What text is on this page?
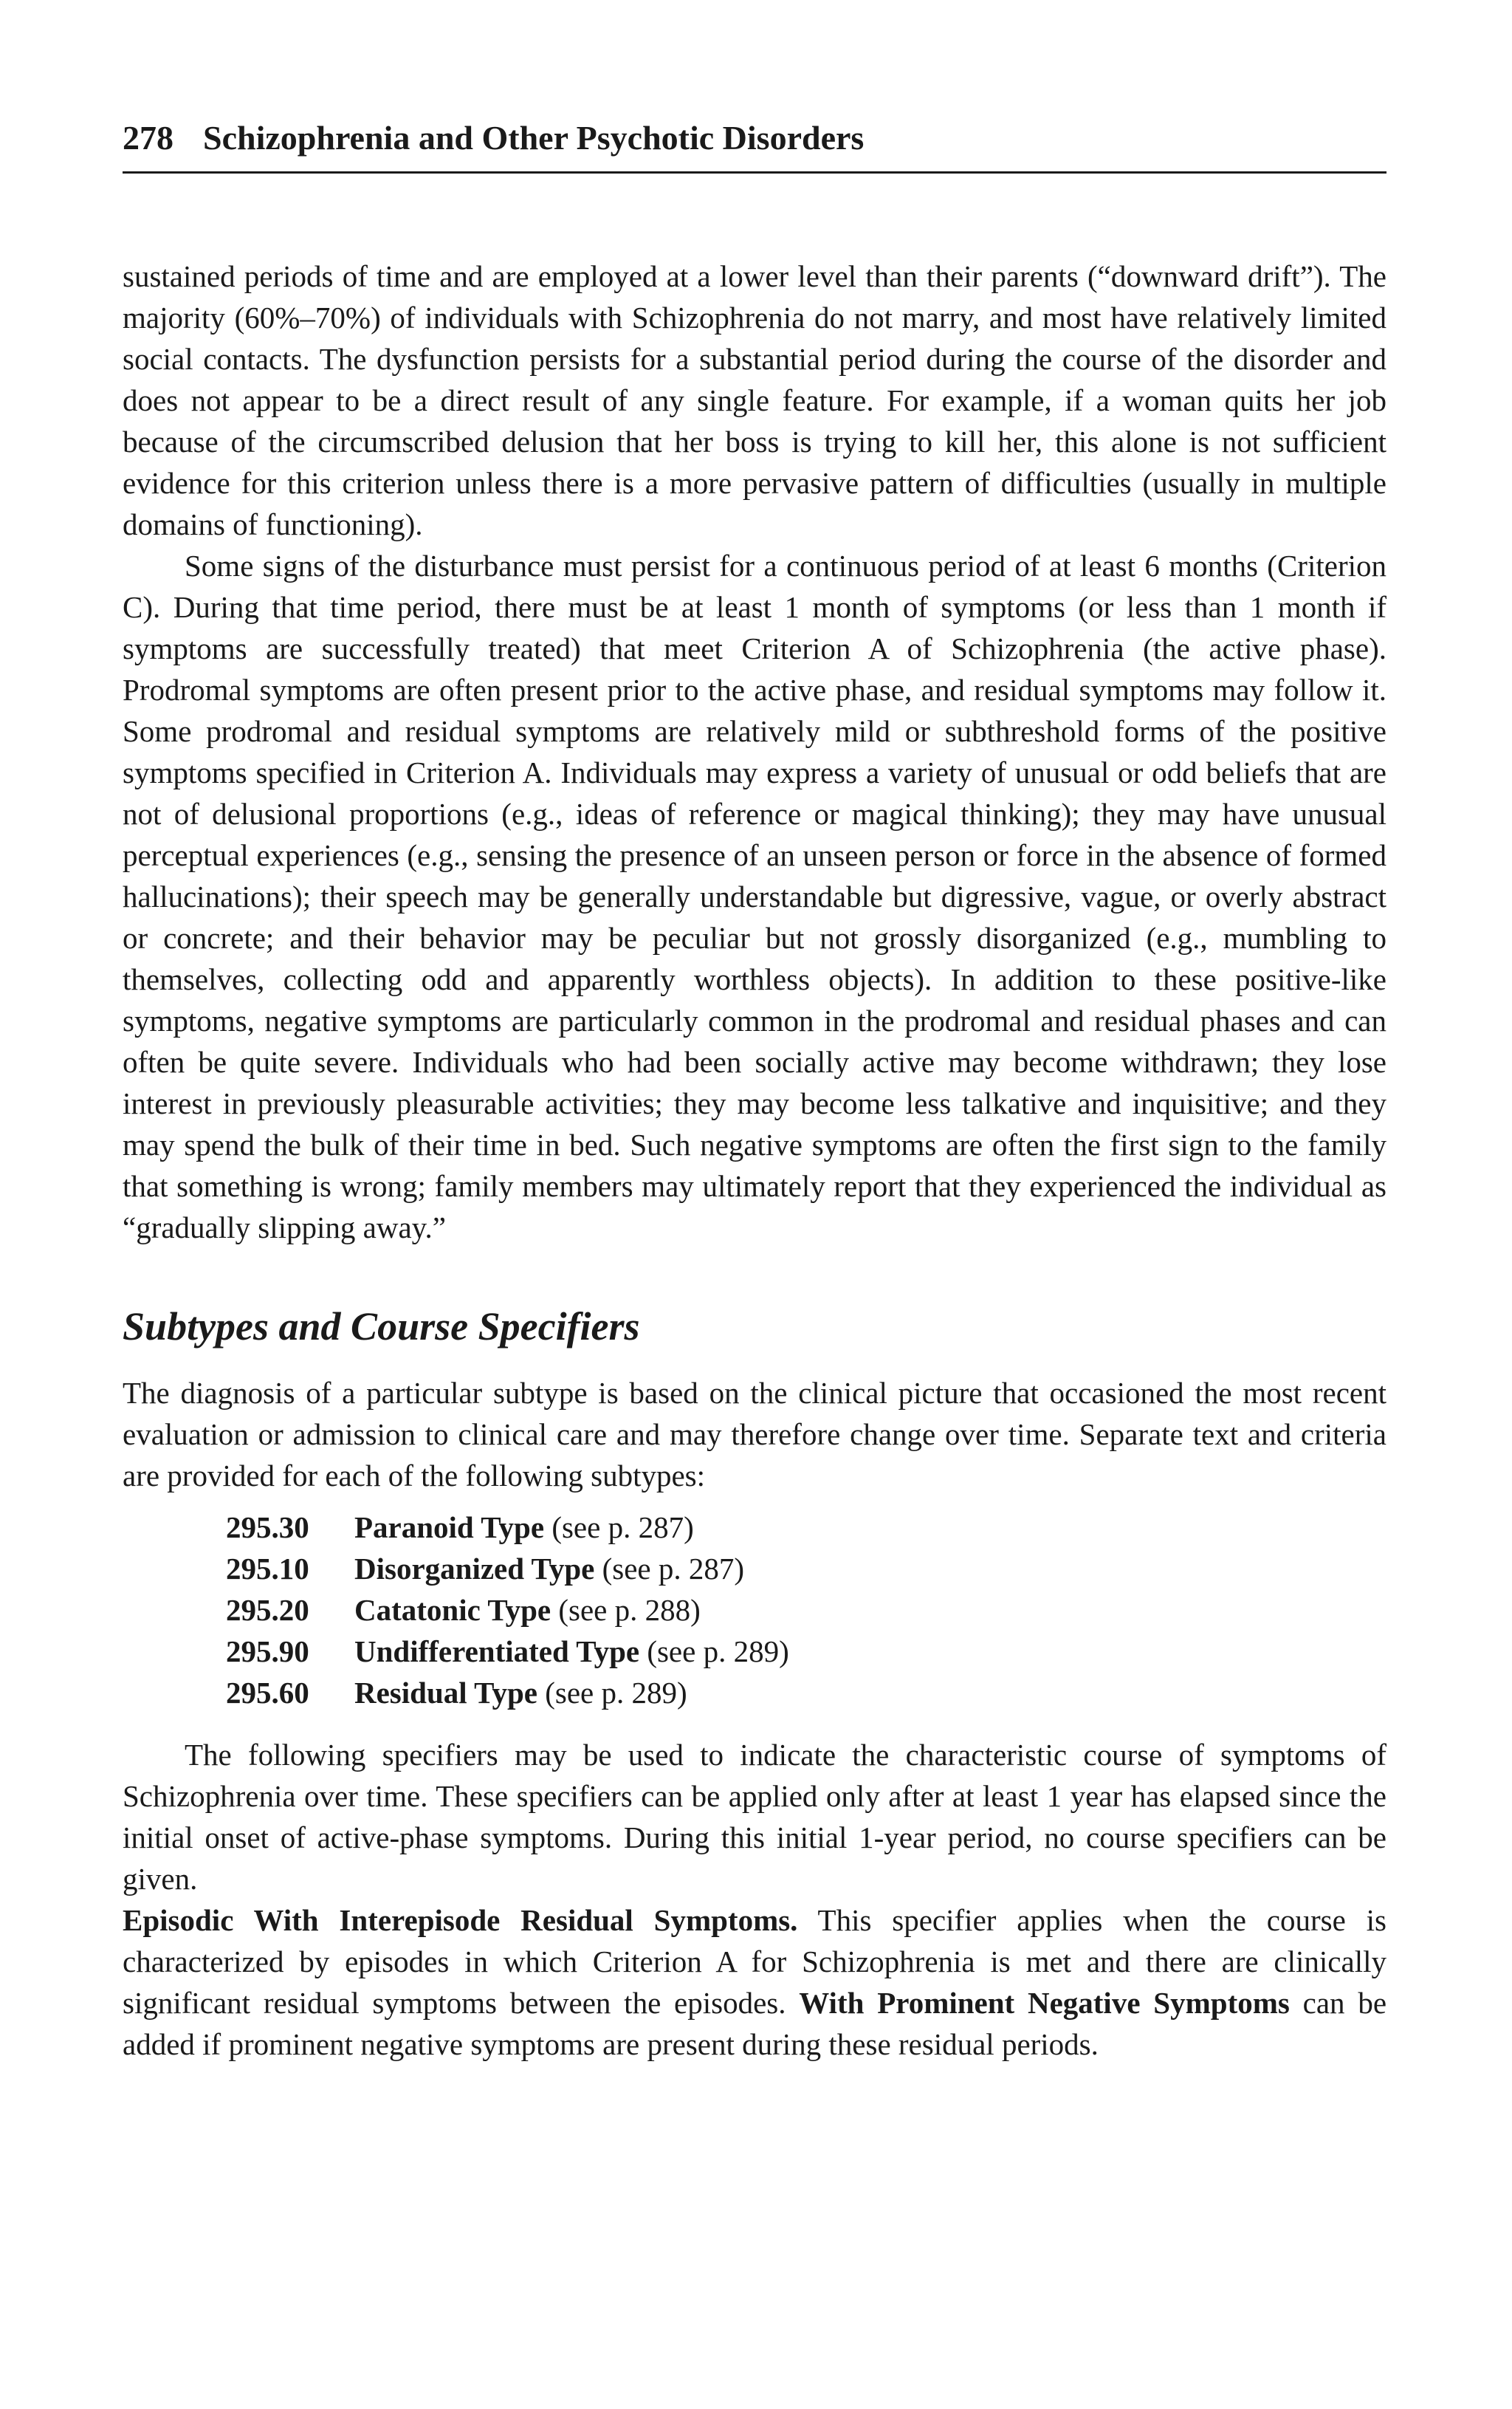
278 Schizophrenia and Other Psychotic Disorders

sustained periods of time and are employed at a lower level than their parents (“downward drift”). The majority (60%–70%) of individuals with Schizophrenia do not marry, and most have relatively limited social contacts. The dysfunction persists for a substantial period during the course of the disorder and does not appear to be a direct result of any single feature. For example, if a woman quits her job because of the circumscribed delusion that her boss is trying to kill her, this alone is not sufficient evidence for this criterion unless there is a more pervasive pattern of difficulties (usually in multiple domains of functioning).

Some signs of the disturbance must persist for a continuous period of at least 6 months (Criterion C). During that time period, there must be at least 1 month of symptoms (or less than 1 month if symptoms are successfully treated) that meet Criterion A of Schizophrenia (the active phase). Prodromal symptoms are often present prior to the active phase, and residual symptoms may follow it. Some prodromal and residual symptoms are relatively mild or subthreshold forms of the positive symptoms specified in Criterion A. Individuals may express a variety of unusual or odd beliefs that are not of delusional proportions (e.g., ideas of reference or magical thinking); they may have unusual perceptual experiences (e.g., sensing the presence of an unseen person or force in the absence of formed hallucinations); their speech may be generally understandable but digressive, vague, or overly abstract or concrete; and their behavior may be peculiar but not grossly disorganized (e.g., mumbling to themselves, collecting odd and apparently worthless objects). In addition to these positive-like symptoms, negative symptoms are particularly common in the prodromal and residual phases and can often be quite severe. Individuals who had been socially active may become withdrawn; they lose interest in previously pleasurable activities; they may become less talkative and inquisitive; and they may spend the bulk of their time in bed. Such negative symptoms are often the first sign to the family that something is wrong; family members may ultimately report that they experienced the individual as “gradually slipping away.”

Subtypes and Course Specifiers

The diagnosis of a particular subtype is based on the clinical picture that occasioned the most recent evaluation or admission to clinical care and may therefore change over time. Separate text and criteria are provided for each of the following subtypes:

295.30 Paranoid Type (see p. 287)
295.10 Disorganized Type (see p. 287)
295.20 Catatonic Type (see p. 288)
295.90 Undifferentiated Type (see p. 289)
295.60 Residual Type (see p. 289)

The following specifiers may be used to indicate the characteristic course of symptoms of Schizophrenia over time. These specifiers can be applied only after at least 1 year has elapsed since the initial onset of active-phase symptoms. During this initial 1-year period, no course specifiers can be given.

Episodic With Interepisode Residual Symptoms. This specifier applies when the course is characterized by episodes in which Criterion A for Schizophrenia is met and there are clinically significant residual symptoms between the episodes. With Prominent Negative Symptoms can be added if prominent negative symptoms are present during these residual periods.
